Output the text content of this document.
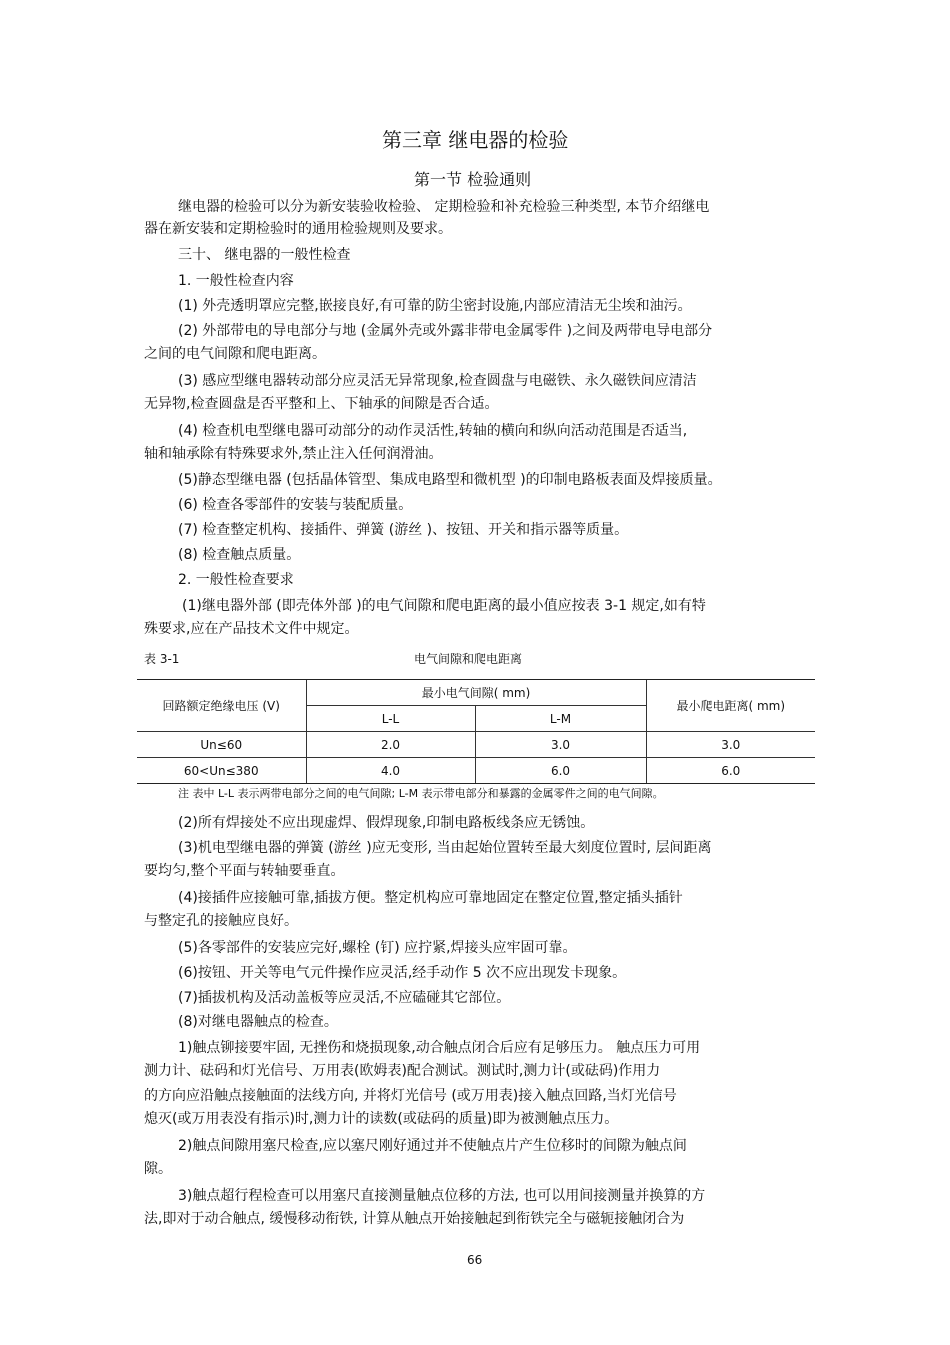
第三章 继电器的检验
第一节 检验通则
继电器的检验可以分为新安装验收检验、 定期检验和补充检验三种类型, 本节介绍继电
器在新安装和定期检验时的通用检验规则及要求。
三十、 继电器的一般性检查
1. 一般性检查内容
(1) 外壳透明罩应完整,嵌接良好,有可靠的防尘密封设施,内部应清洁无尘埃和油污。
(2) 外部带电的导电部分与地 (金属外壳或外露非带电金属零件 )之间及两带电导电部分
之间的电气间隙和爬电距离。
(3) 感应型继电器转动部分应灵活无异常现象,检查圆盘与电磁铁、永久磁铁间应清洁
无异物,检查圆盘是否平整和上、下轴承的间隙是否合适。
(4) 检查机电型继电器可动部分的动作灵活性,转轴的横向和纵向活动范围是否适当,
轴和轴承除有特殊要求外,禁止注入任何润滑油。
(5)静态型继电器 (包括晶体管型、集成电路型和微机型 )的印制电路板表面及焊接质量。
(6) 检查各零部件的安装与装配质量。
(7) 检查整定机构、接插件、弹簧 (游丝 )、按钮、开关和指示器等质量。
(8) 检查触点质量。
2. 一般性检查要求
(1)继电器外部 (即壳体外部 )的电气间隙和爬电距离的最小值应按表 3-1 规定,如有特
殊要求,应在产品技术文件中规定。
表 3-1	电气间隙和爬电距离
回路额定绝缘电压 (V)	最小电气间隙( mm)		最小爬电距离( mm)
	L-L	L-M	
Un≤60	2.0	3.0	3.0
60<Un≤380	4.0	6.0	6.0
注 表中 L-L 表示两带电部分之间的电气间隙; L-M 表示带电部分和暴露的金属零件之间的电气间隙。
(2)所有焊接处不应出现虚焊、假焊现象,印制电路板线条应无锈蚀。
(3)机电型继电器的弹簧 (游丝 )应无变形, 当由起始位置转至最大刻度位置时, 层间距离
要均匀,整个平面与转轴要垂直。
(4)接插件应接触可靠,插拔方便。整定机构应可靠地固定在整定位置,整定插头插针
与整定孔的接触应良好。
(5)各零部件的安装应完好,螺栓 (钉) 应拧紧,焊接头应牢固可靠。
(6)按钮、开关等电气元件操作应灵活,经手动作 5 次不应出现发卡现象。
(7)插拔机构及活动盖板等应灵活,不应磕碰其它部位。
(8)对继电器触点的检查。
1)触点铆接要牢固, 无挫伤和烧损现象,动合触点闭合后应有足够压力。 触点压力可用
测力计、砝码和灯光信号、万用表(欧姆表)配合测试。测试时,测力计(或砝码)作用力
的方向应沿触点接触面的法线方向, 并将灯光信号 (或万用表)接入触点回路,当灯光信号
熄灭(或万用表没有指示)时,测力计的读数(或砝码的质量)即为被测触点压力。
2)触点间隙用塞尺检查,应以塞尺刚好通过并不使触点片产生位移时的间隙为触点间
隙。
3)触点超行程检查可以用塞尺直接测量触点位移的方法, 也可以用间接测量并换算的方
法,即对于动合触点, 缓慢移动衔铁, 计算从触点开始接触起到衔铁完全与磁轭接触闭合为
66
